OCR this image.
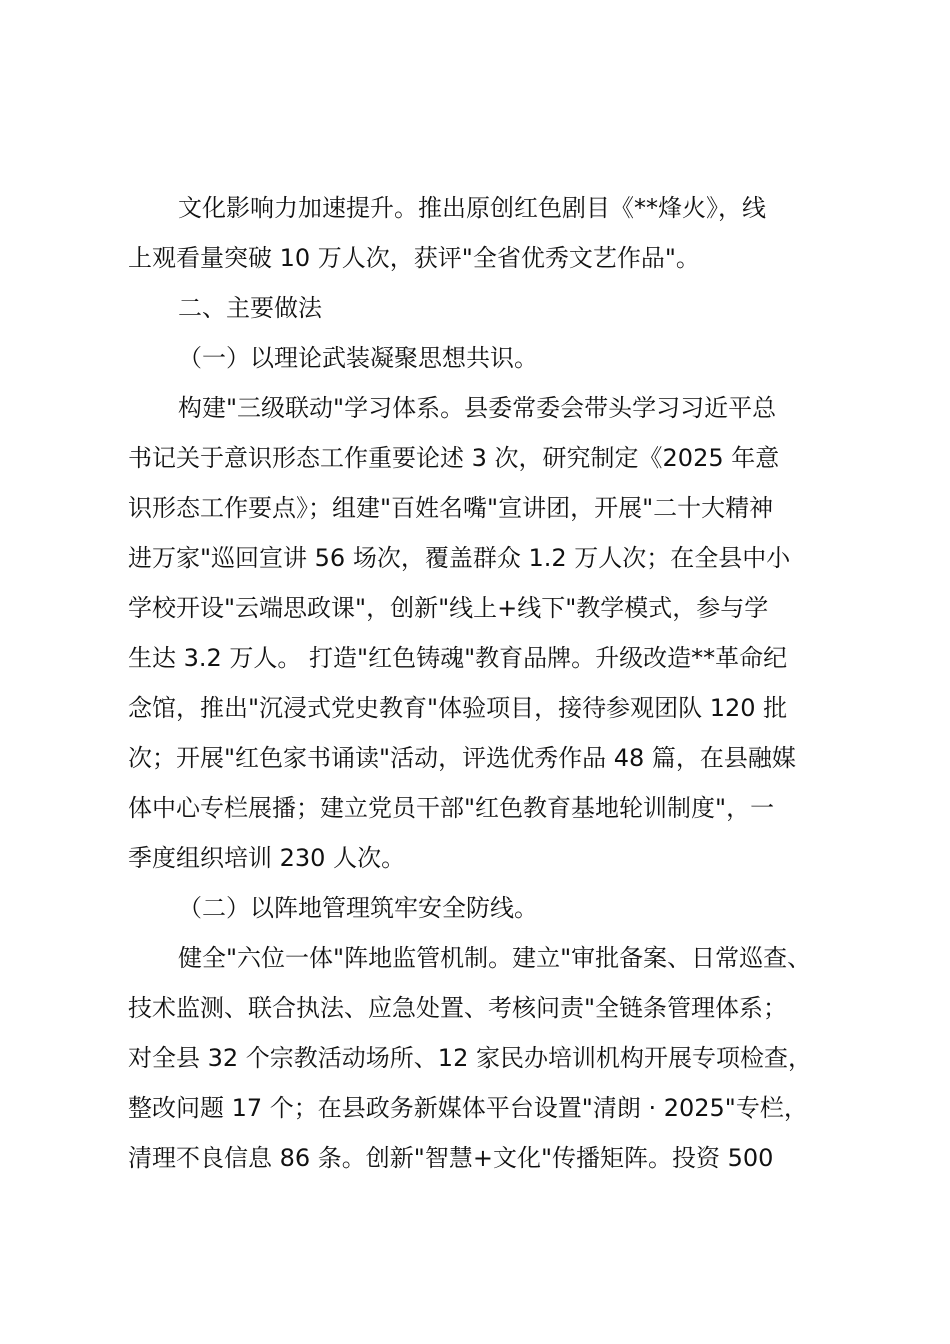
文化影响力加速提升。推出原创红色剧目《**烽火》，线
上观看量突破 10 万人次，获评"全省优秀文艺作品"。
二、主要做法
（一）以理论武装凝聚思想共识。
构建"三级联动"学习体系。县委常委会带头学习习近平总
书记关于意识形态工作重要论述 3 次，研究制定《2025 年意
识形态工作要点》；组建"百姓名嘴"宣讲团，开展"二十大精神
进万家"巡回宣讲 56 场次，覆盖群众 1.2 万人次；在全县中小
学校开设"云端思政课"，创新"线上+线下"教学模式，参与学
生达 3.2 万人。 打造"红色铸魂"教育品牌。升级改造**革命纪
念馆，推出"沉浸式党史教育"体验项目，接待参观团队 120 批
次；开展"红色家书诵读"活动，评选优秀作品 48 篇，在县融媒
体中心专栏展播；建立党员干部"红色教育基地轮训制度"，一
季度组织培训 230 人次。
（二）以阵地管理筑牢安全防线。
健全"六位一体"阵地监管机制。建立"审批备案、日常巡查、
技术监测、联合执法、应急处置、考核问责"全链条管理体系；
对全县 32 个宗教活动场所、12 家民办培训机构开展专项检查，
整改问题 17 个；在县政务新媒体平台设置"清朗 · 2025"专栏，
清理不良信息 86 条。创新"智慧+文化"传播矩阵。投资 500
